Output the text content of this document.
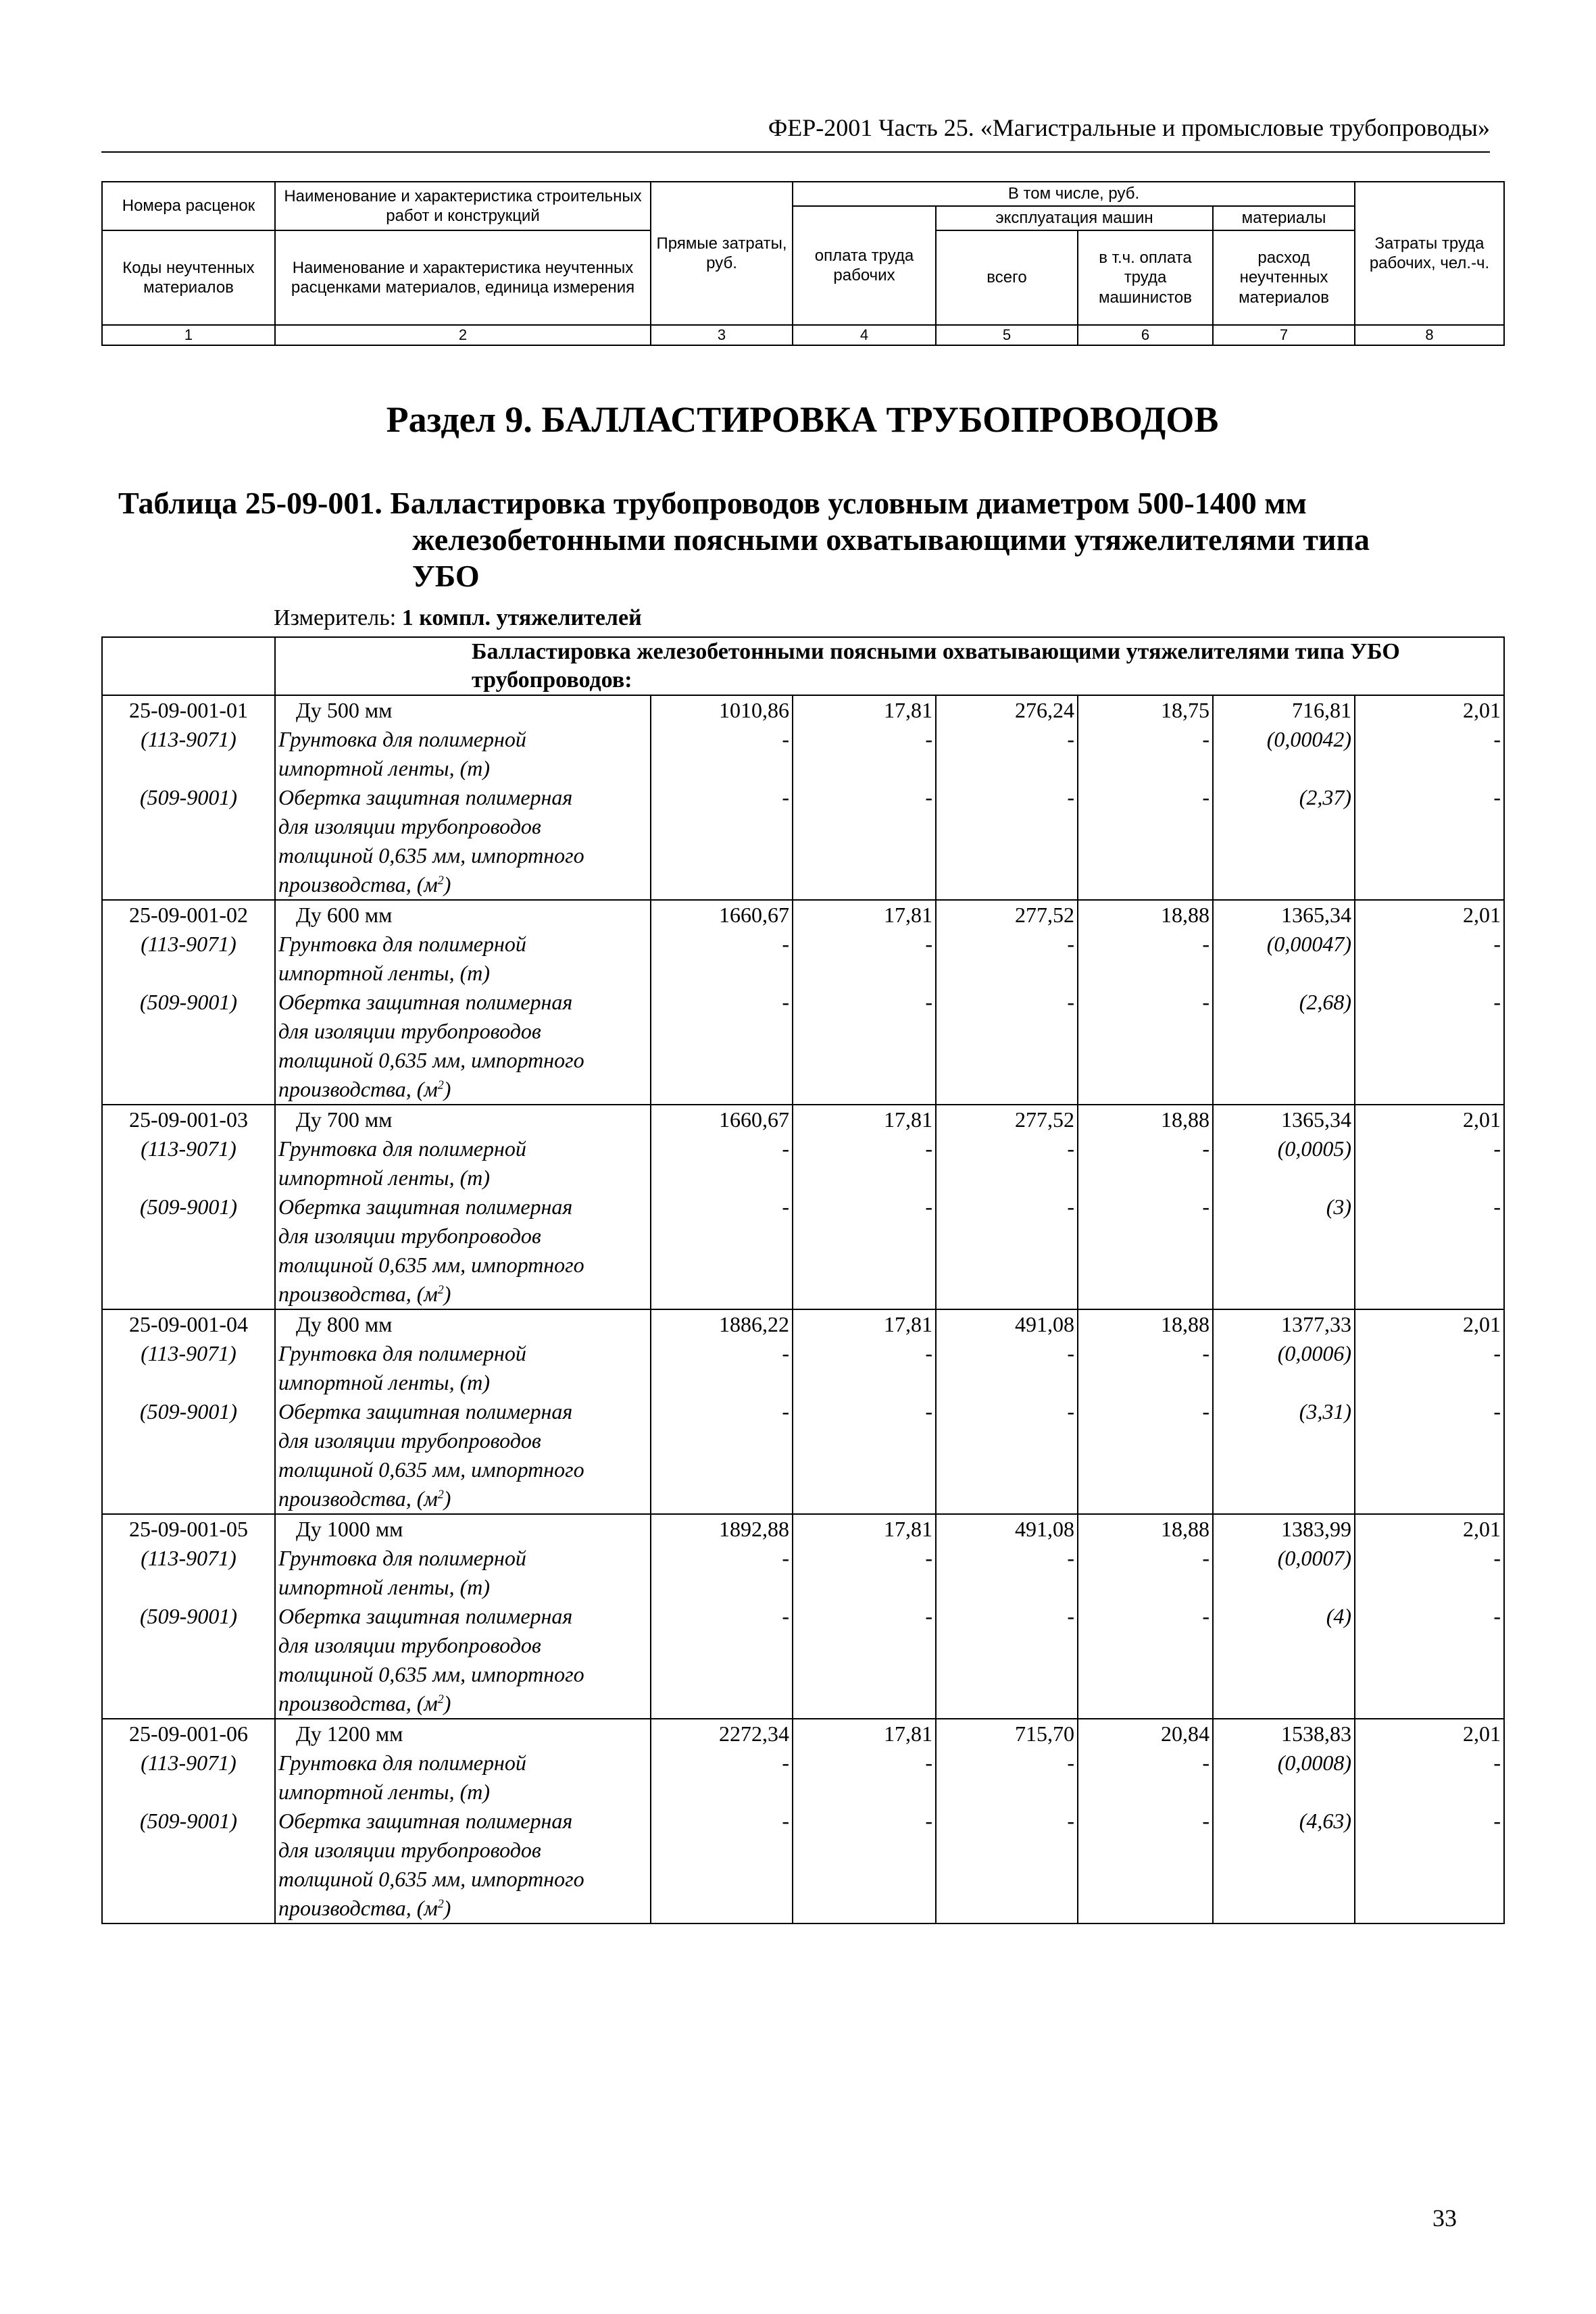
ФЕР-2001 Часть 25. «Магистральные и промысловые трубопроводы»
Номера расценок	Наименование и характеристика строительных работ и конструкций	Прямые затраты, руб.	В том числе, руб.				Затраты труда рабочих, чел.-ч.
			оплата труда рабочих	эксплуатация машин		материалы	
Коды неучтенных материалов	Наименование и характеристика неучтенных расценками материалов, единица измерения			всего	в т.ч. оплата труда машинистов	расход неучтенных материалов	

1	2	3	4	5	6	7	8
Раздел 9. БАЛЛАСТИРОВКА ТРУБОПРОВОДОВ
Таблица 25-09-001. Балластировка трубопроводов условным диаметром 500-1400 мм
железобетонными поясными охватывающими утяжелителями типа
УБО
Измеритель: 1 компл. утяжелителей
	Балластировка железобетонными поясными охватывающими утяжелителями типа УБО трубопроводов:						
25-09-001-01	Ду 500 мм	1010,86	17,81	276,24	18,75	716,81	2,01
(113-9071)	Грунтовка для полимерной	-	-	-	-	(0,00042)	-
	импортной ленты, (т)						
(509-9001)	Обертка защитная полимерная	-	-	-	-	(2,37)	-
	для изоляции трубопроводов						
	толщиной 0,635 мм, импортного						
	производства, $(м^2)$						
25-09-001-02	Ду 600 мм	1660,67	17,81	277,52	18,88	1365,34	2,01
(113-9071)	Грунтовка для полимерной	-	-	-	-	(0,00047)	-
	импортной ленты, (т)						
(509-9001)	Обертка защитная полимерная	-	-	-	-	(2,68)	-
	для изоляции трубопроводов						
	толщиной 0,635 мм, импортного						
	производства, $(м^2)$						
25-09-001-03	Ду 700 мм	1660,67	17,81	277,52	18,88	1365,34	2,01
(113-9071)	Грунтовка для полимерной	-	-	-	-	(0,0005)	-
	импортной ленты, (т)						
(509-9001)	Обертка защитная полимерная	-	-	-	-	(3)	-
	для изоляции трубопроводов						
	толщиной 0,635 мм, импортного						
	производства, $(м^2)$						
25-09-001-04	Ду 800 мм	1886,22	17,81	491,08	18,88	1377,33	2,01
(113-9071)	Грунтовка для полимерной	-	-	-	-	(0,0006)	-
	импортной ленты, (т)						
(509-9001)	Обертка защитная полимерная	-	-	-	-	(3,31)	-
	для изоляции трубопроводов						
	толщиной 0,635 мм, импортного						
	производства, $(м^2)$						
25-09-001-05	Ду 1000 мм	1892,88	17,81	491,08	18,88	1383,99	2,01
(113-9071)	Грунтовка для полимерной	-	-	-	-	(0,0007)	-
	импортной ленты, (т)						
(509-9001)	Обертка защитная полимерная	-	-	-	-	(4)	-
	для изоляции трубопроводов						
	толщиной 0,635 мм, импортного						
	производства, $(м^2)$						
25-09-001-06	Ду 1200 мм	2272,34	17,81	715,70	20,84	1538,83	2,01
(113-9071)	Грунтовка для полимерной	-	-	-	-	(0,0008)	-
	импортной ленты, (т)						
(509-9001)	Обертка защитная полимерная	-	-	-	-	(4,63)	-
	для изоляции трубопроводов						
	толщиной 0,635 мм, импортного						
	производства, $(м^2)$						
33
